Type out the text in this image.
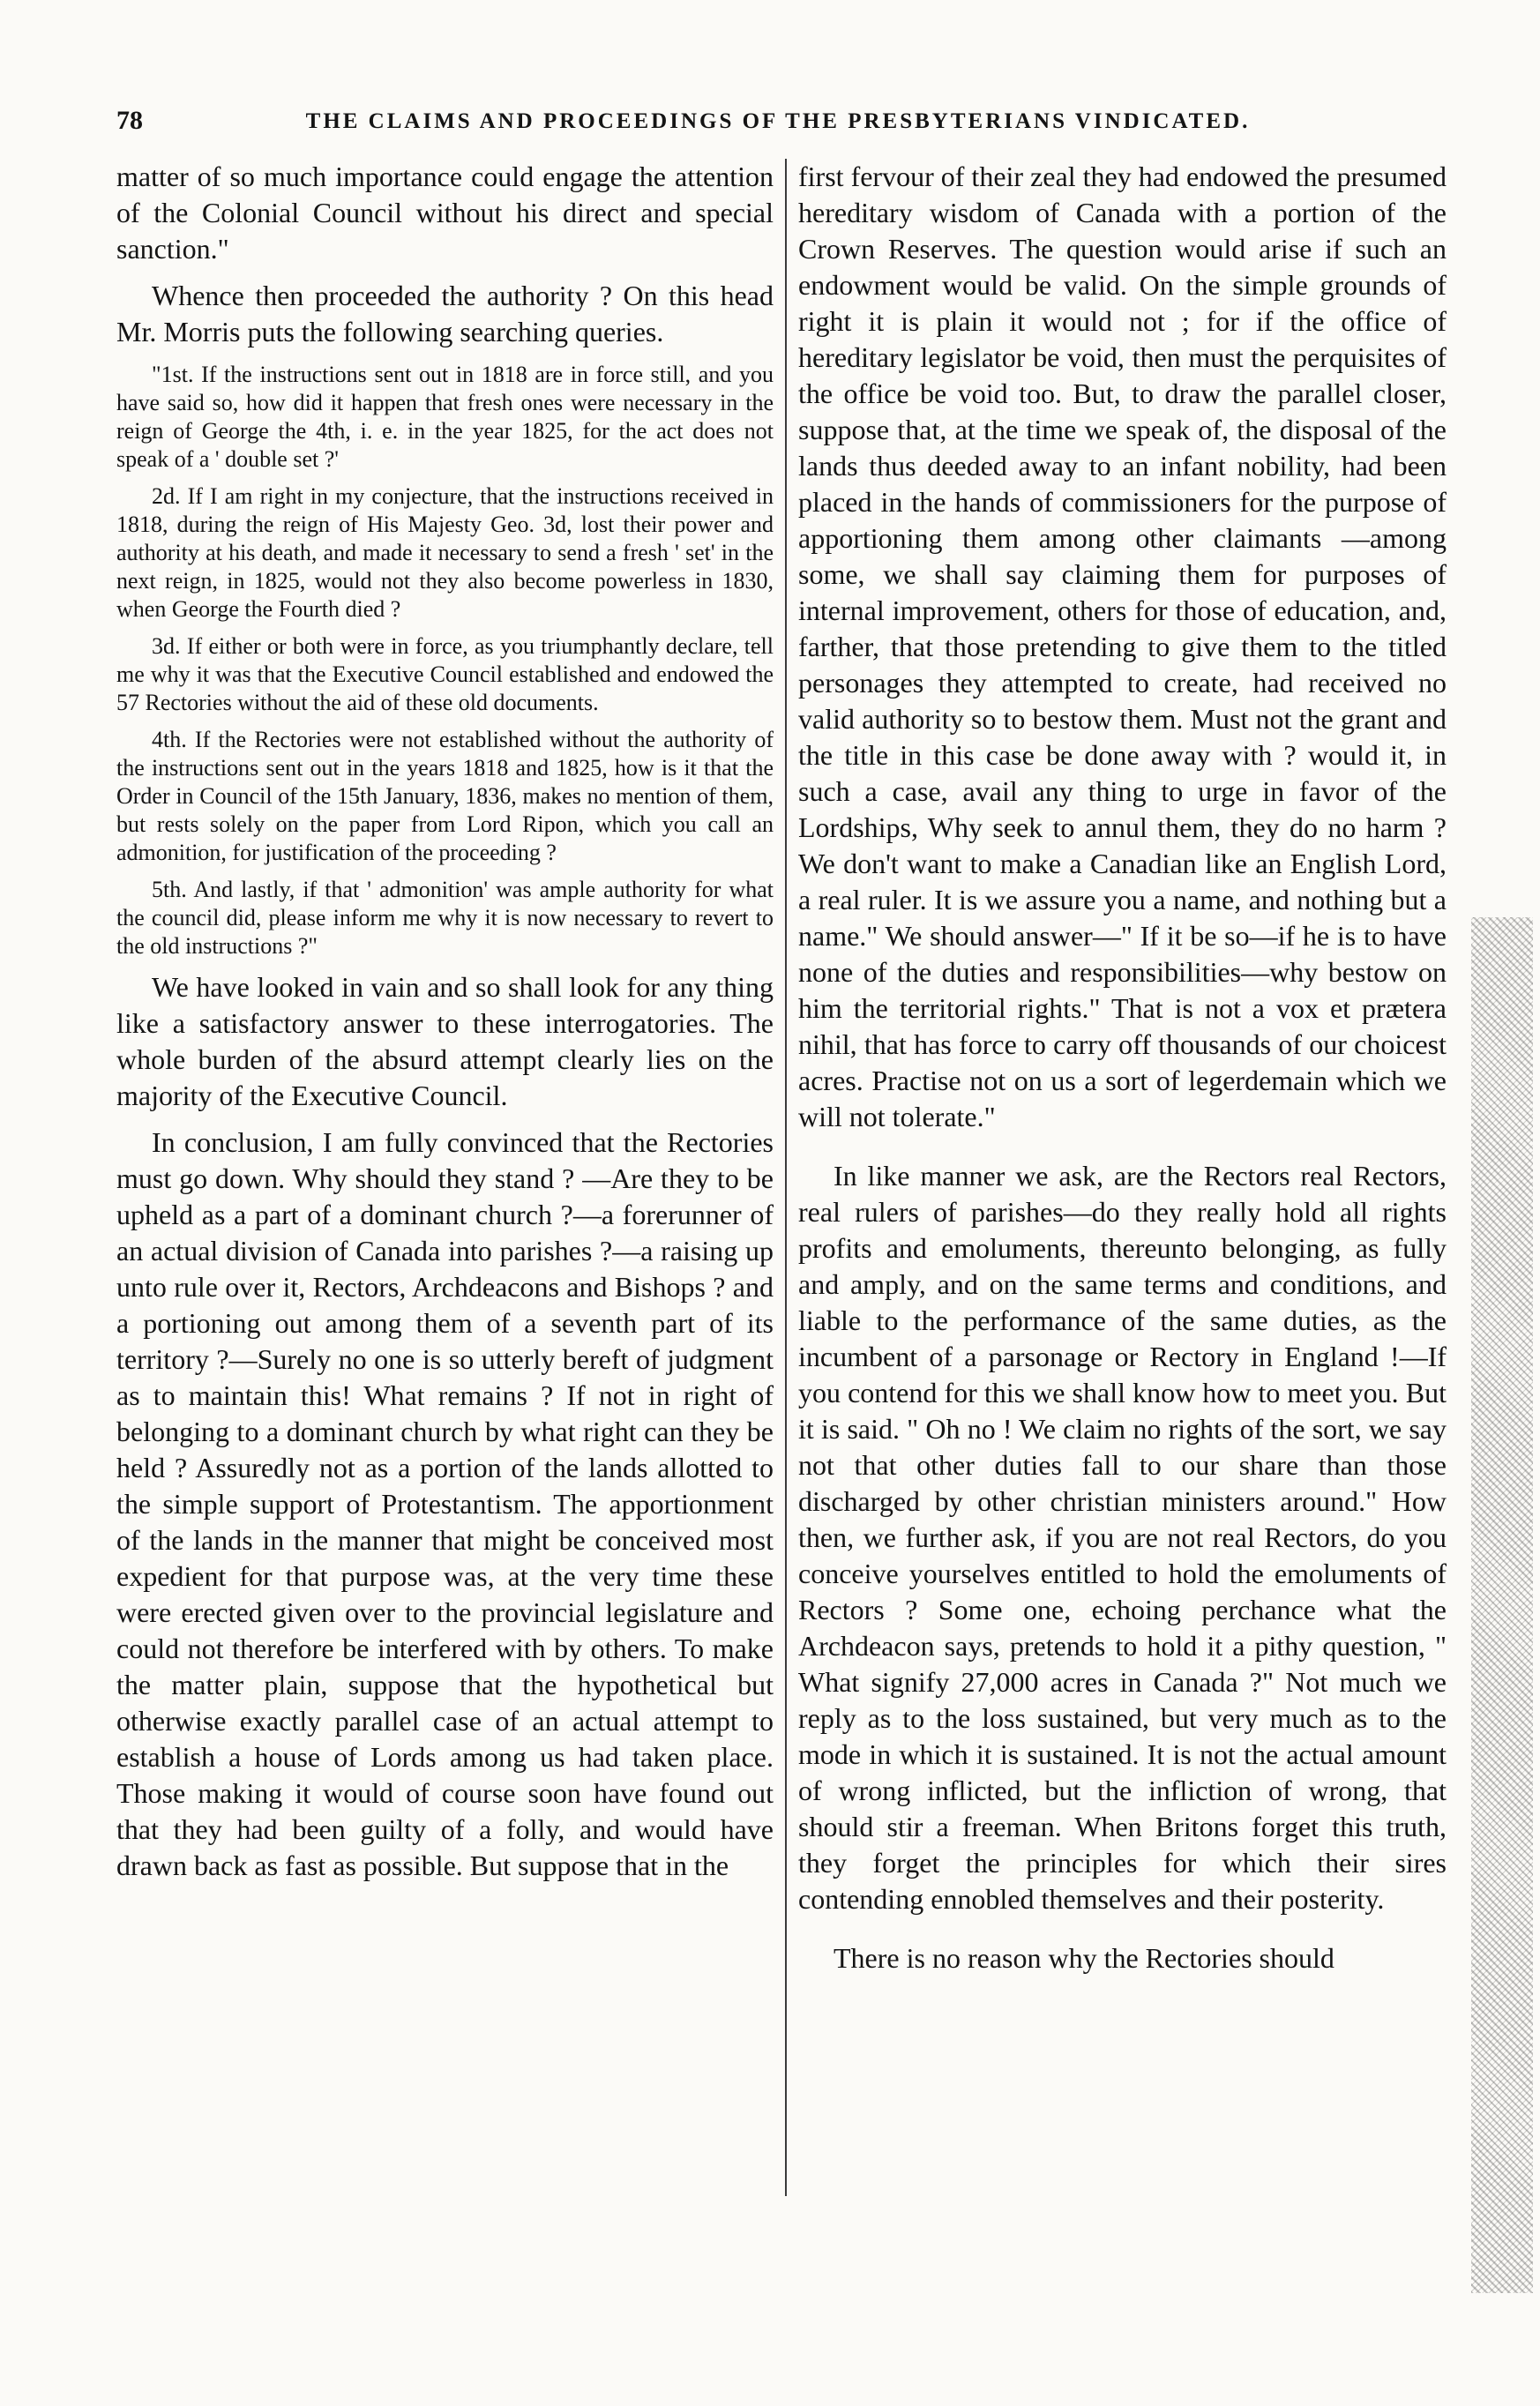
78	THE CLAIMS AND PROCEEDINGS OF THE PRESBYTERIANS VINDICATED.

matter of so much importance could engage the attention of the Colonial Council without his direct and special sanction."

Whence then proceeded the authority ? On this head Mr. Morris puts the following searching queries.

"1st. If the instructions sent out in 1818 are in force still, and you have said so, how did it happen that fresh ones were necessary in the reign of George the 4th, i. e. in the year 1825, for the act does not speak of a ' double set ?'

2d. If I am right in my conjecture, that the instructions received in 1818, during the reign of His Majesty Geo. 3d, lost their power and authority at his death, and made it necessary to send a fresh ' set' in the next reign, in 1825, would not they also become powerless in 1830, when George the Fourth died ?

3d. If either or both were in force, as you triumphantly declare, tell me why it was that the Executive Council established and endowed the 57 Rectories without the aid of these old documents.

4th. If the Rectories were not established without the authority of the instructions sent out in the years 1818 and 1825, how is it that the Order in Council of the 15th January, 1836, makes no mention of them, but rests solely on the paper from Lord Ripon, which you call an admonition, for justification of the proceeding ?

5th. And lastly, if that ' admonition' was ample authority for what the council did, please inform me why it is now necessary to revert to the old instructions ?"

We have looked in vain and so shall look for any thing like a satisfactory answer to these interrogatories. The whole burden of the absurd attempt clearly lies on the majority of the Executive Council.

In conclusion, I am fully convinced that the Rectories must go down. Why should they stand ? —Are they to be upheld as a part of a dominant church ?—a forerunner of an actual division of Canada into parishes ?—a raising up unto rule over it, Rectors, Archdeacons and Bishops ? and a portioning out among them of a seventh part of its territory ?—Surely no one is so utterly bereft of judgment as to maintain this! What remains ? If not in right of belonging to a dominant church by what right can they be held ? Assuredly not as a portion of the lands allotted to the simple support of Protestantism. The apportionment of the lands in the manner that might be conceived most expedient for that purpose was, at the very time these were erected given over to the provincial legislature and could not therefore be interfered with by others. To make the matter plain, suppose that the hypothetical but otherwise exactly parallel case of an actual attempt to establish a house of Lords among us had taken place. Those making it would of course soon have found out that they had been guilty of a folly, and would have drawn back as fast as possible. But suppose that in the

first fervour of their zeal they had endowed the presumed hereditary wisdom of Canada with a portion of the Crown Reserves. The question would arise if such an endowment would be valid. On the simple grounds of right it is plain it would not ; for if the office of hereditary legislator be void, then must the perquisites of the office be void too. But, to draw the parallel closer, suppose that, at the time we speak of, the disposal of the lands thus deeded away to an infant nobility, had been placed in the hands of commissioners for the purpose of apportioning them among other claimants —among some, we shall say claiming them for purposes of internal improvement, others for those of education, and, farther, that those pretending to give them to the titled personages they attempted to create, had received no valid authority so to bestow them. Must not the grant and the title in this case be done away with ? would it, in such a case, avail any thing to urge in favor of the Lordships, Why seek to annul them, they do no harm ? We don't want to make a Canadian like an English Lord, a real ruler. It is we assure you a name, and nothing but a name." We should answer—" If it be so—if he is to have none of the duties and responsibilities—why bestow on him the territorial rights." That is not a vox et prætera nihil, that has force to carry off thousands of our choicest acres. Practise not on us a sort of legerdemain which we will not tolerate."

In like manner we ask, are the Rectors real Rectors, real rulers of parishes—do they really hold all rights profits and emoluments, thereunto belonging, as fully and amply, and on the same terms and conditions, and liable to the performance of the same duties, as the incumbent of a parsonage or Rectory in England !—If you contend for this we shall know how to meet you. But it is said. " Oh no ! We claim no rights of the sort, we say not that other duties fall to our share than those discharged by other christian ministers around." How then, we further ask, if you are not real Rectors, do you conceive yourselves entitled to hold the emoluments of Rectors ? Some one, echoing perchance what the Archdeacon says, pretends to hold it a pithy question, " What signify 27,000 acres in Canada ?" Not much we reply as to the loss sustained, but very much as to the mode in which it is sustained. It is not the actual amount of wrong inflicted, but the infliction of wrong, that should stir a freeman. When Britons forget this truth, they forget the principles for which their sires contending ennobled themselves and their posterity.

There is no reason why the Rectories should
